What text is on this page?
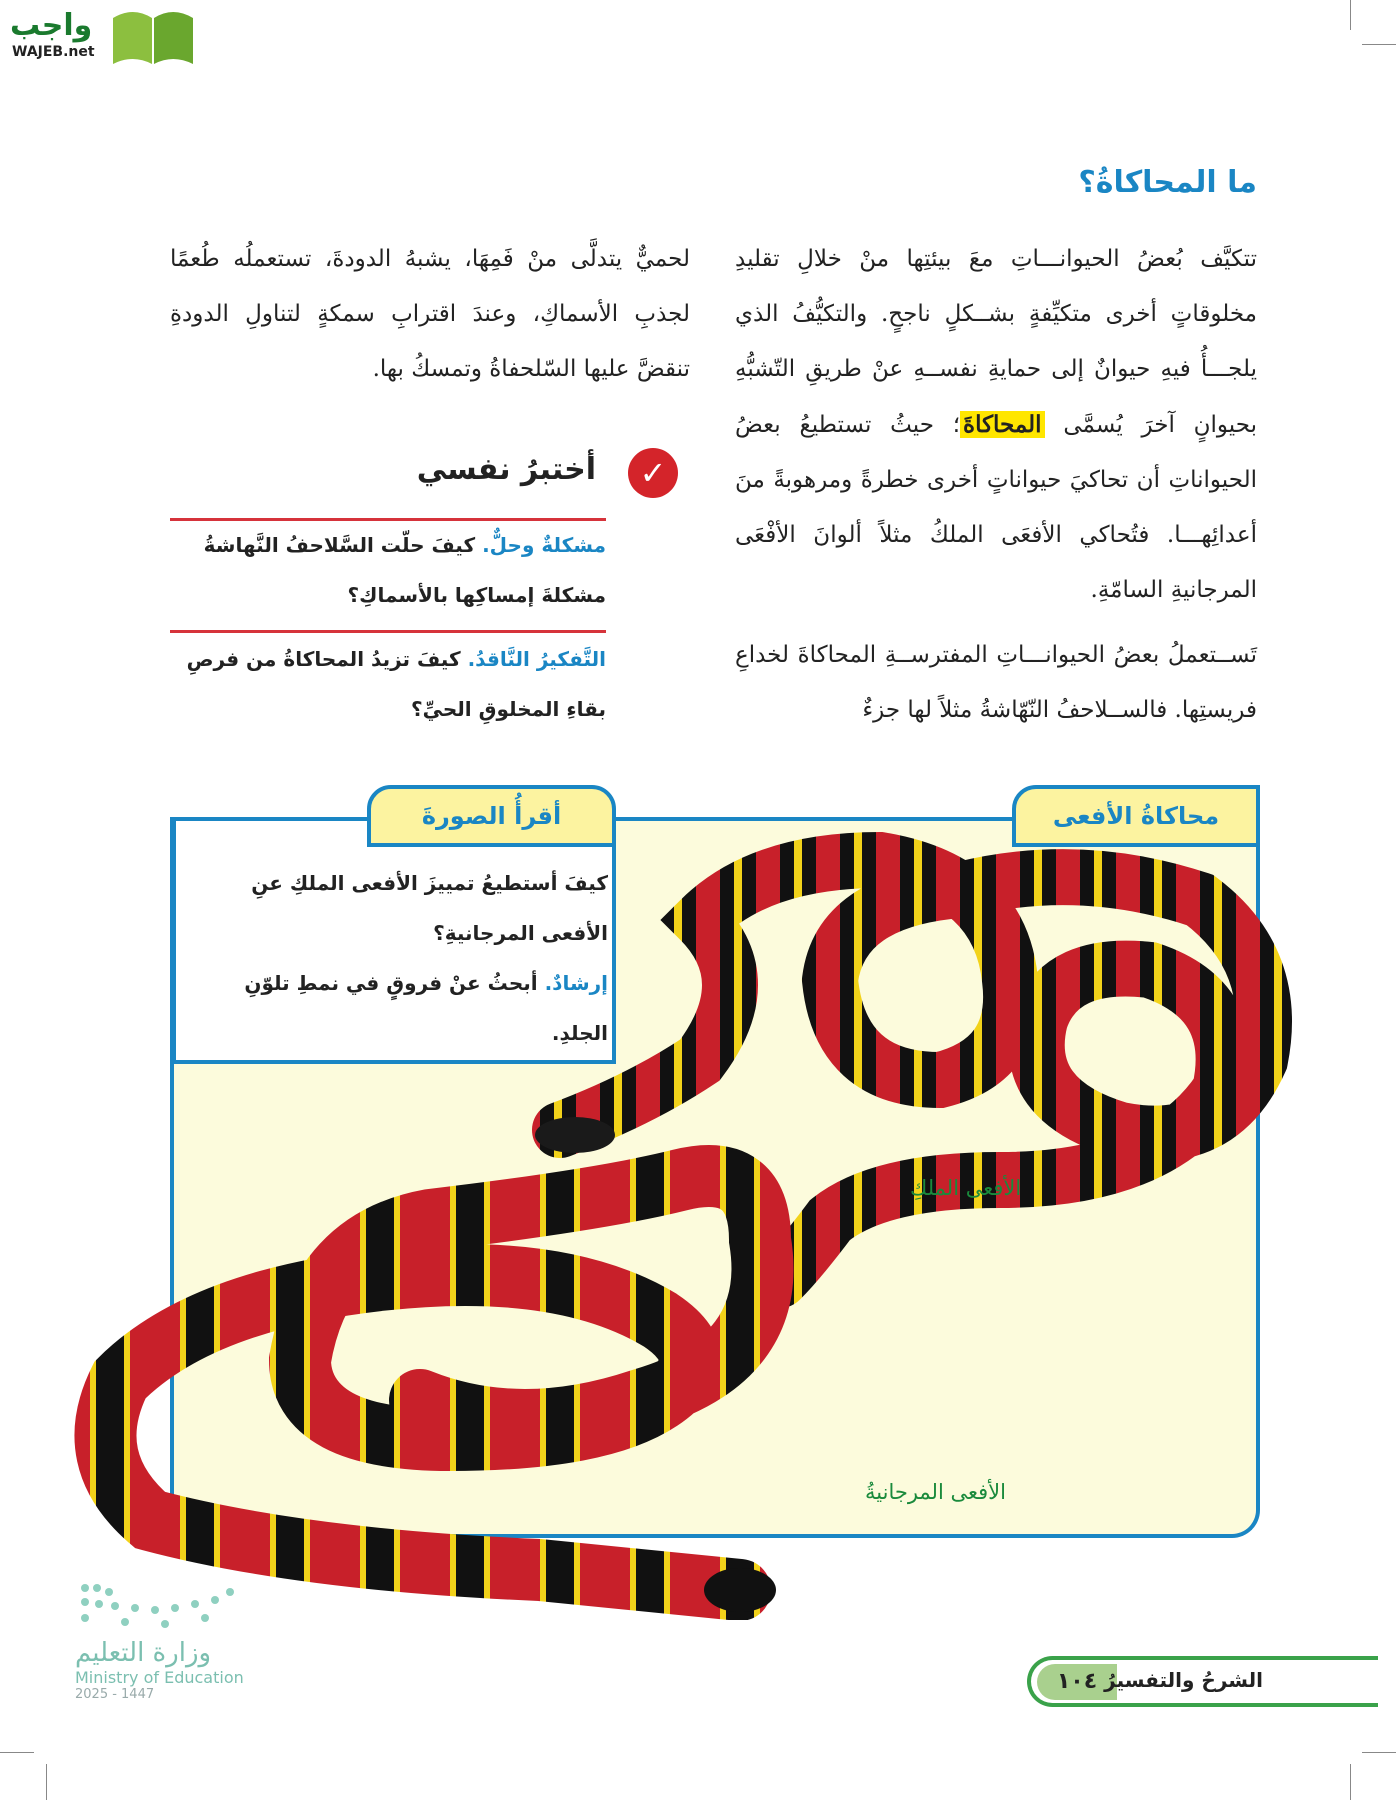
واجب
WAJEB.net
ما المحاكاةُ؟

تتكيَّف بُعضُ الحيوانـــاتِ معَ بيئتِها منْ خلالِ تقليدِ مخلوقاتٍ أخرى متكيِّفةٍ بشــكلٍ ناجحٍ. والتكيُّفُ الذي يلجـــأُ فيهِ حيوانٌ إلى حمايةِ نفســهِ عنْ طريقِ التّشبُّهِ بحيوانٍ آخرَ يُسمَّى المحاكاةَ؛ حيثُ تستطيعُ بعضُ الحيواناتِ أن تحاكيَ حيواناتٍ أخرى خطرةً ومرهوبةً منَ أعدائِهـــا. فتُحاكي الأفعَى الملكُ مثلاً ألوانَ الأفْعَى المرجانيةِ السامّةِ.

تَســتعملُ بعضُ الحيوانـــاتِ المفترســةِ المحاكاةَ لخداعِ فريستِها. فالســلاحفُ النّهّاشةُ مثلاً لها جزءٌ

لحميٌّ يتدلَّى منْ فَمِهَا، يشبهُ الدودةَ، تستعملُه طُعمًا لجذبِ الأسماكِ، وعندَ اقترابِ سمكةٍ لتناولِ الدودةِ تنقضَّ عليها السّلحفاةُ وتمسكُ بها.
✓
أختبرُ نفسي
مشكلةٌ وحلٌّ. كيفَ حلّت السَّلاحفُ النَّهاشةُ مشكلةَ إمساكِها بالأسماكِ؟
التَّفكيرُ النَّاقدُ. كيفَ تزيدُ المحاكاةُ من فرصِ بقاءِ المخلوقِ الحيِّ؟
محاكاةُ الأفعى
أقرأُ الصورةَ

كيفَ أستطيعُ تمييزَ الأفعى الملكِ عنِ الأفعى المرجانيةِ؟

إرشادٌ. أبحثُ عنْ فروقٍ في نمطِ تلوّنِ الجلدِ.

الأفعى الملكِ
الأفعى المرجانيةُ
وزارة التعليم
Ministry of Education
2025 - 1447
١٠٤ الشرحُ والتفسيرُ
